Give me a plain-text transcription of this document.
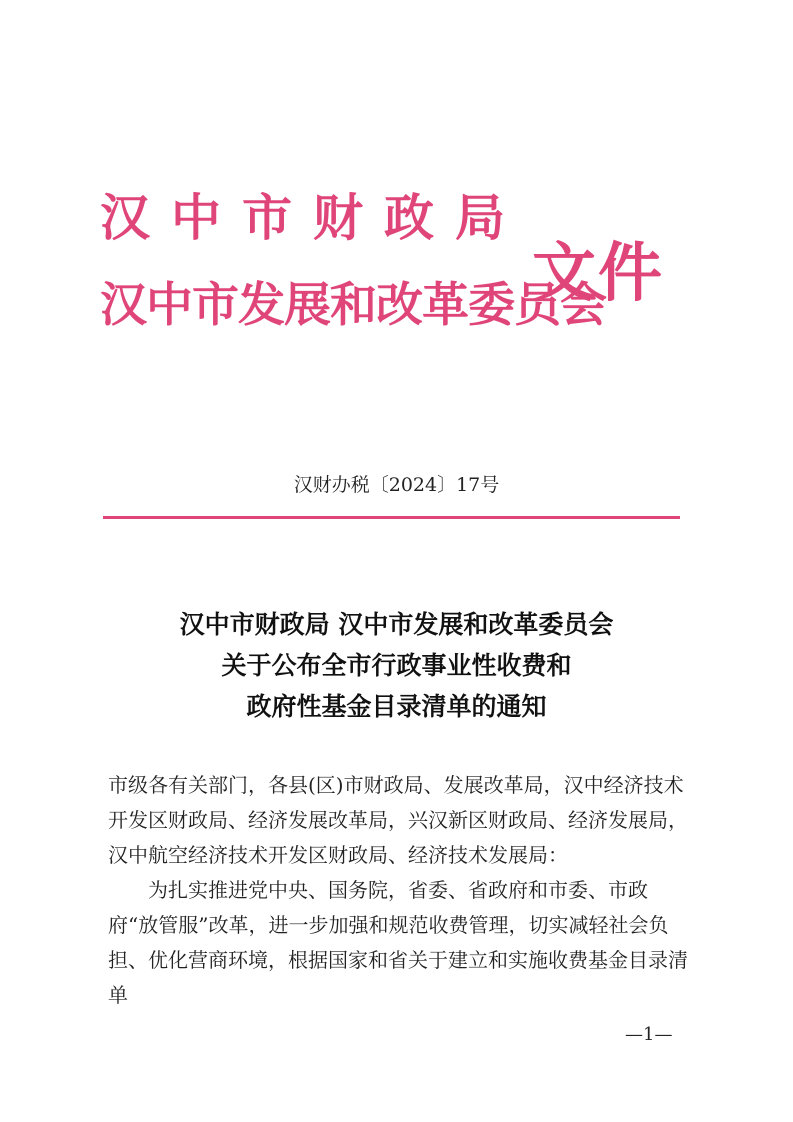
汉中市财政局
汉中市发展和改革委员会
文件
汉财办税〔2024〕17号
汉中市财政局 汉中市发展和改革委员会
关于公布全市行政事业性收费和
政府性基金目录清单的通知

市级各有关部门，各县(区)市财政局、发展改革局，汉中经济技术开发区财政局、经济发展改革局，兴汉新区财政局、经济发展局，汉中航空经济技术开发区财政局、经济技术发展局：

为扎实推进党中央、国务院，省委、省政府和市委、市政府“放管服”改革，进一步加强和规范收费管理，切实减轻社会负担、优化营商环境，根据国家和省关于建立和实施收费基金目录清单

—1—
